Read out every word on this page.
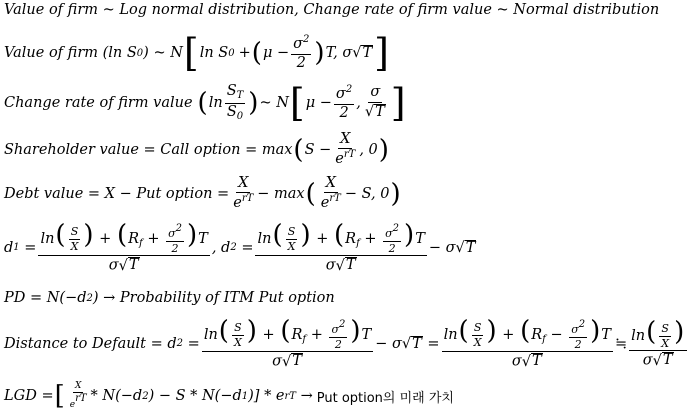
Value of firm ~ Log normal distribution, Change rate of firm value ~ Normal distribution
Value of firm (ln S 0 ) ~ N [ ln S 0 + ( $\mu - \frac{\sigma^2}{2}$ ) T, σ √ T ]
Change rate of firm value ( $\ln \frac{S_T}{S_0}$ ) ~ N [ $\mu - \frac{\sigma^2}{2}$ , $\frac{\sigma}{√ T}$ ]
Shareholder value = Call option = max ( $S - \frac{X}{e^{rT}}$ , 0 )
Debt value = X − Put option = $\frac{X}{e^{rT}} - \max$ ( $\frac{X}{e^{rT}} - S$, 0 )
d $1 = \frac{\ln( \frac{S}{X} ) + (R_f + \frac{\sigma 2}{2} )T}{\sigma √ T}$ , d $2 = \frac{\ln( \frac{S}{X} ) + (R_f + \frac{\sigma 2}{2} )T}{\sigma √ T} - \sigma$ √ T
PD = N(−d 2 ) → Probability of ITM Put option
Distance to Default = d $2 = \frac{\ln( \frac{S}{X} ) + (R_f + \frac{\sigma 2}{2} )T}{\sigma √ T} - \sigma$ √ $T = \frac{\ln( \frac{S}{X} ) + (R_f - \frac{\sigma 2}{2} )T}{\sigma √ T}$ ≒ $\frac{\ln( \frac{S}{X} )}{\sigma √ T}$
LGD = [ $\frac{X}{\text{erT}} * N(-d$ 2 ) − S * N(−d 1 )] * e rT
→ Put option의 미래 가치
